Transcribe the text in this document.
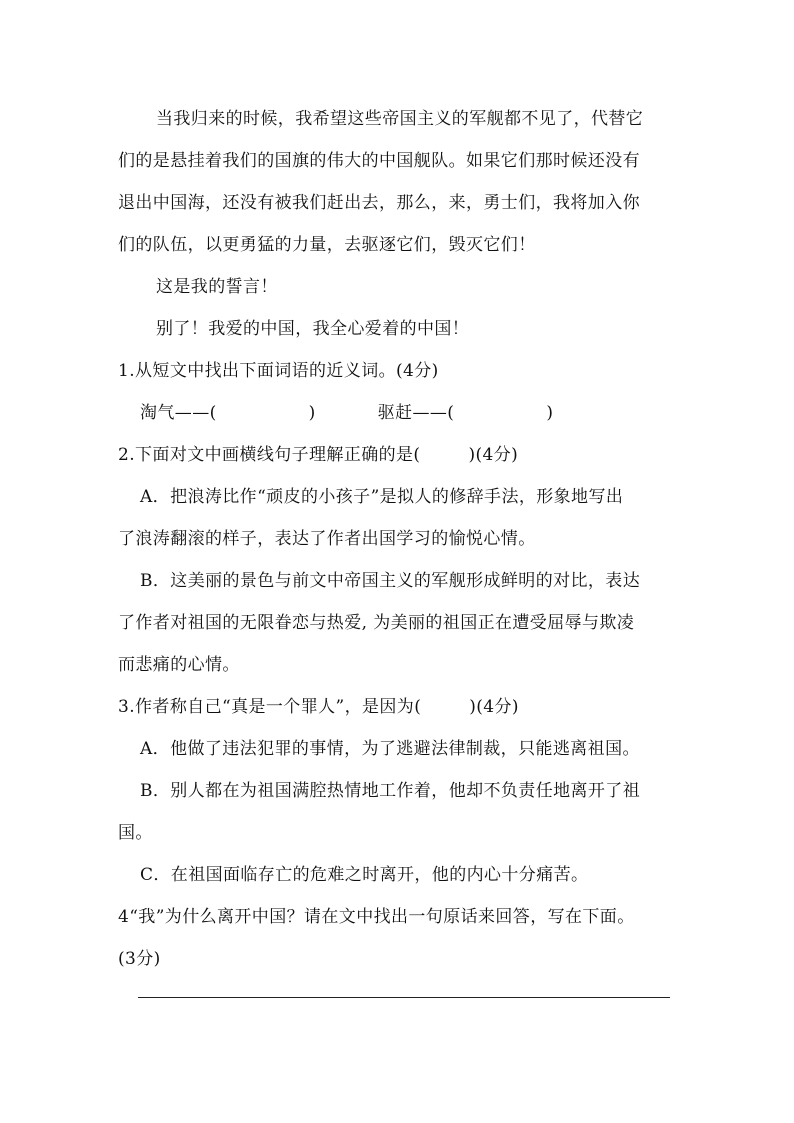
当我归来的时候，我希望这些帝国主义的军舰都不见了，代替它
们的是悬挂着我们的国旗的伟大的中国舰队。如果它们那时候还没有
退出中国海，还没有被我们赶出去，那么，来，勇士们，我将加入你
们的队伍，以更勇猛的力量，去驱逐它们，毁灭它们！
这是我的誓言！
别了！我爱的中国，我全心爱着的中国！
1.从短文中找出下面词语的近义词。(4分)
淘气——(	)	驱赶——(	)
2.下面对文中画横线句子理解正确的是(	)(4分)
A．把浪涛比作“顽皮的小孩子”是拟人的修辞手法，形象地写出
了浪涛翻滚的样子，表达了作者出国学习的愉悦心情。
B．这美丽的景色与前文中帝国主义的军舰形成鲜明的对比，表达
了作者对祖国的无限眷恋与热爱, 为美丽的祖国正在遭受屈辱与欺凌
而悲痛的心情。
3.作者称自己“真是一个罪人”，是因为(	)(4分)
A．他做了违法犯罪的事情，为了逃避法律制裁，只能逃离祖国。
B．别人都在为祖国满腔热情地工作着，他却不负责任地离开了祖
国。
C．在祖国面临存亡的危难之时离开，他的内心十分痛苦。
4“我”为什么离开中国？请在文中找出一句原话来回答，写在下面。
(3分)
